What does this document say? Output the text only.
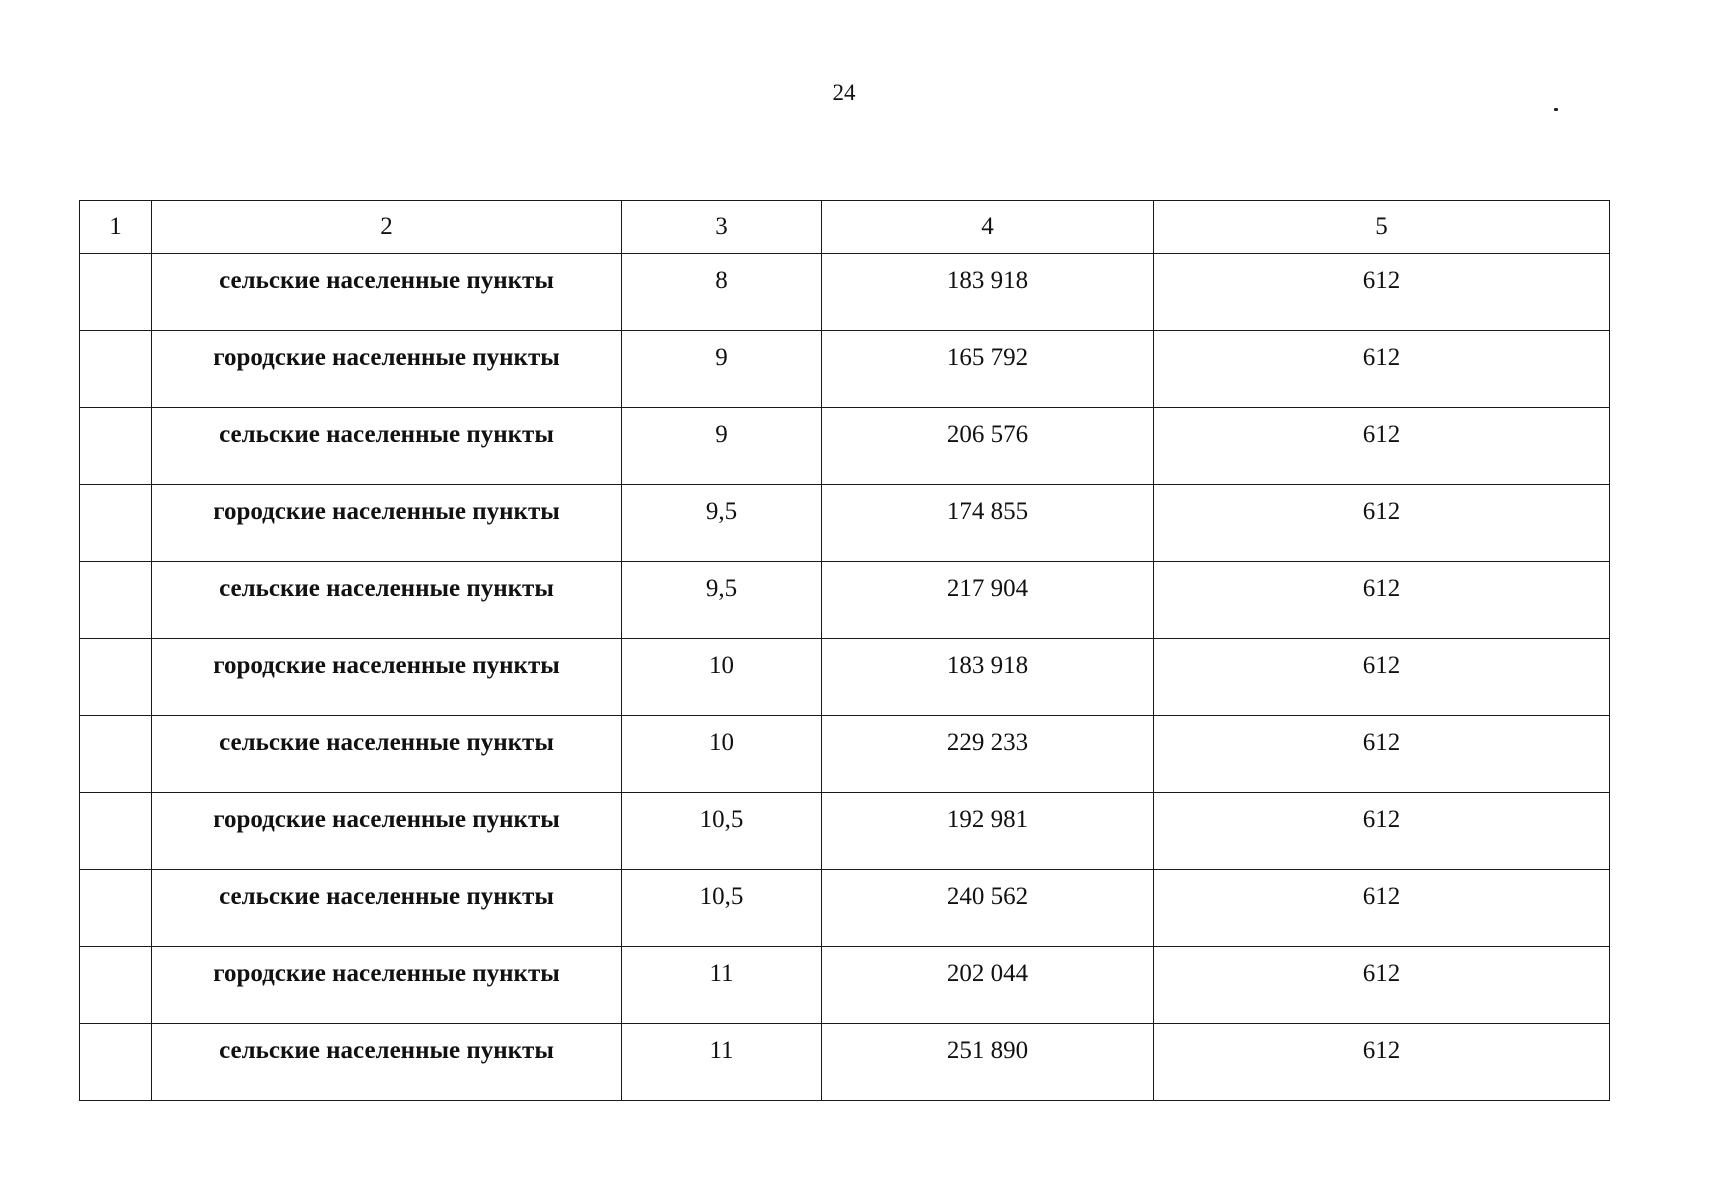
24
1	2	3	4	5
	сельские населенные пункты	8	183 918	612
	городские населенные пункты	9	165 792	612
	сельские населенные пункты	9	206 576	612
	городские населенные пункты	9,5	174 855	612
	сельские населенные пункты	9,5	217 904	612
	городские населенные пункты	10	183 918	612
	сельские населенные пункты	10	229 233	612
	городские населенные пункты	10,5	192 981	612
	сельские населенные пункты	10,5	240 562	612
	городские населенные пункты	11	202 044	612
	сельские населенные пункты	11	251 890	612
